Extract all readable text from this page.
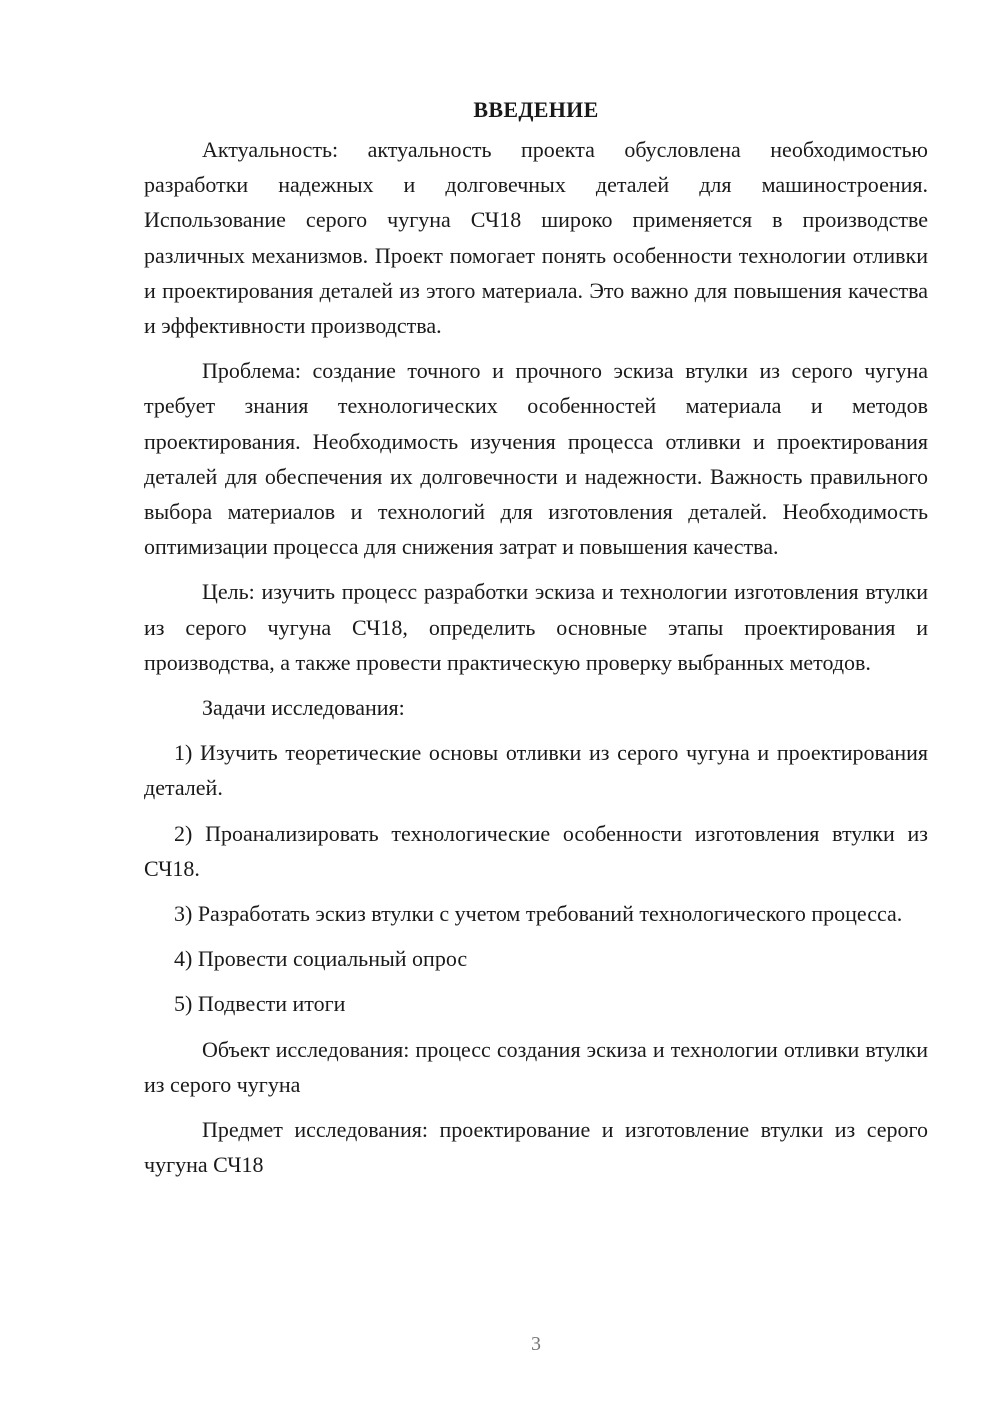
ВВЕДЕНИЕ

Актуальность: актуальность проекта обусловлена необходимостью разработки надежных и долговечных деталей для машиностроения. Использование серого чугуна СЧ18 широко применяется в производстве различных механизмов. Проект помогает понять особенности технологии отливки и проектирования деталей из этого материала. Это важно для повышения качества и эффективности производства.

Проблема: создание точного и прочного эскиза втулки из серого чугуна требует знания технологических особенностей материала и методов проектирования. Необходимость изучения процесса отливки и проектирования деталей для обеспечения их долговечности и надежности. Важность правильного выбора материалов и технологий для изготовления деталей. Необходимость оптимизации процесса для снижения затрат и повышения качества.

Цель: изучить процесс разработки эскиза и технологии изготовления втулки из серого чугуна СЧ18, определить основные этапы проектирования и производства, а также провести практическую проверку выбранных методов.

Задачи исследования:

1) Изучить теоретические основы отливки из серого чугуна и проектирования деталей.

2) Проанализировать технологические особенности изготовления втулки из СЧ18.

3) Разработать эскиз втулки с учетом требований технологического процесса.

4) Провести социальный опрос

5) Подвести итоги

Объект исследования: процесс создания эскиза и технологии отливки втулки из серого чугуна

Предмет исследования: проектирование и изготовление втулки из серого чугуна СЧ18

3
